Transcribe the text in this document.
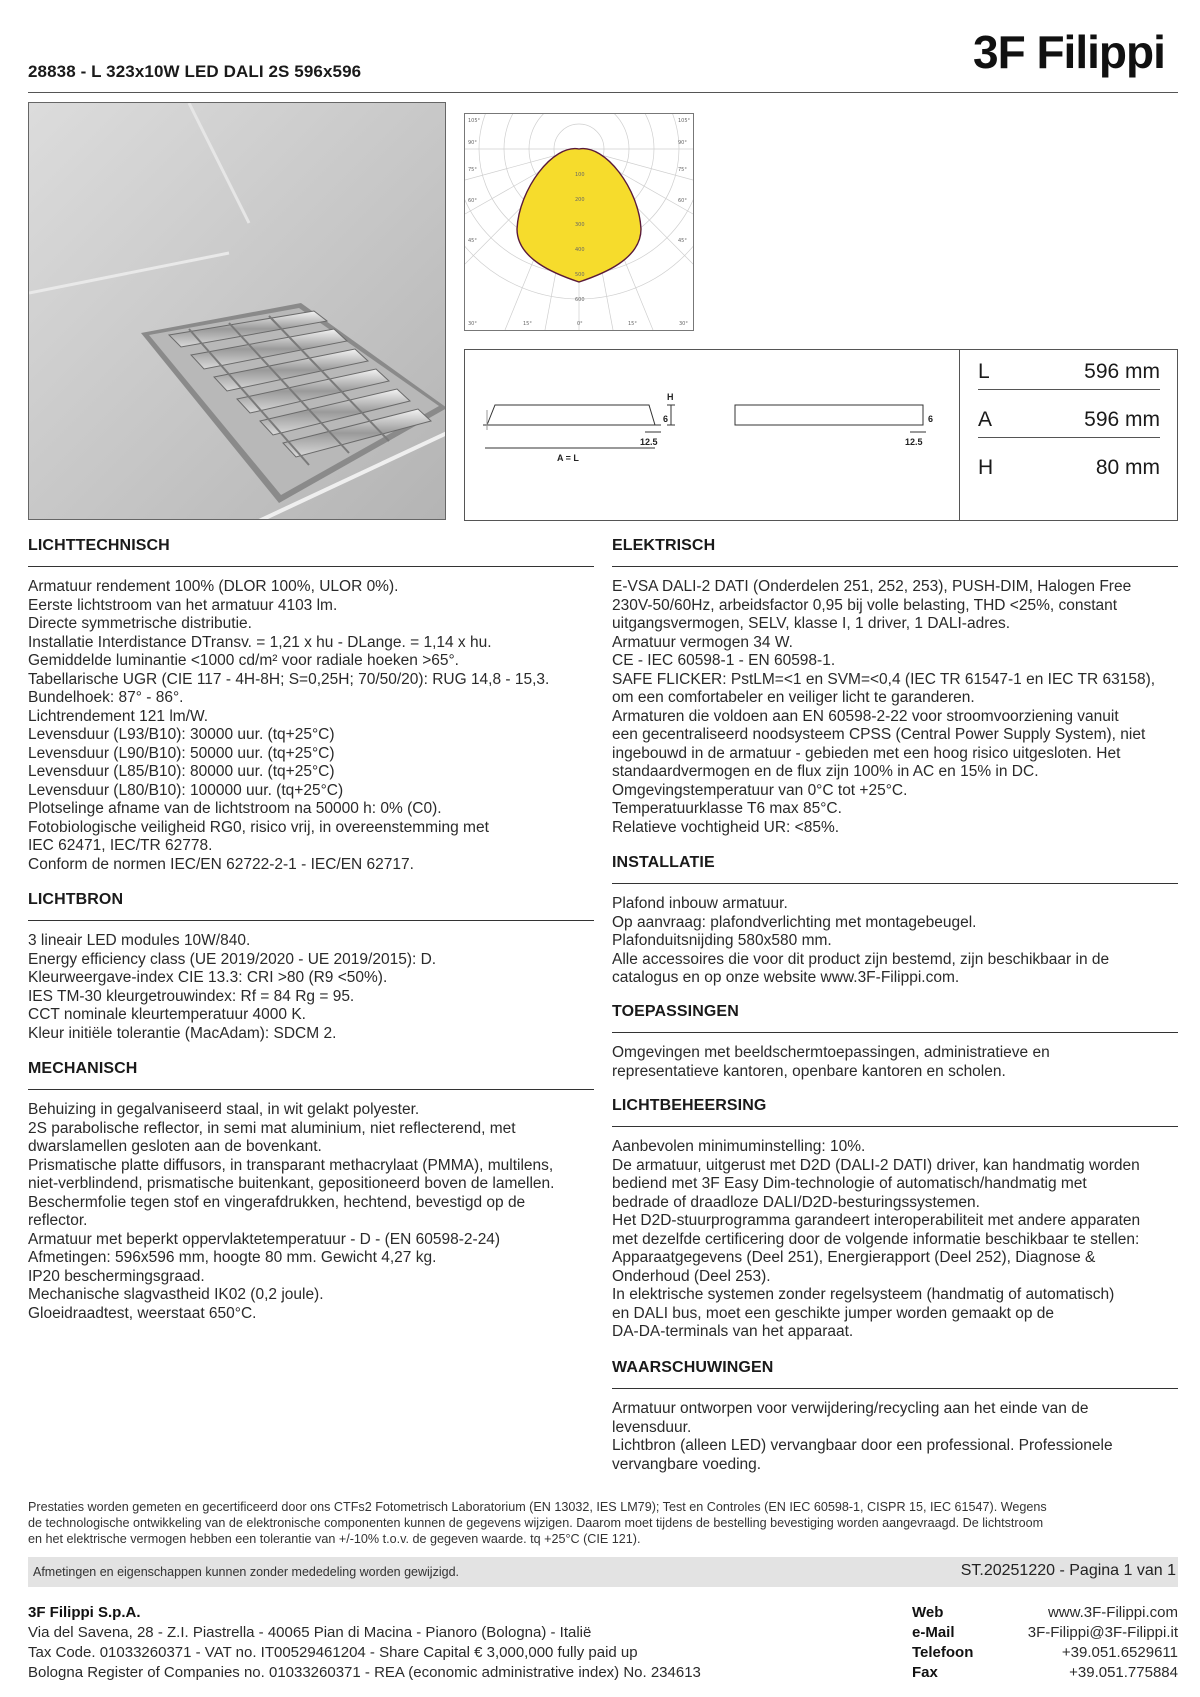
3F Filippi
28838 - L 323x10W LED DALI 2S 596x596
105°
90°
75°
60°
45°
105°
90°
75°
60°
45°
30°	15°	0°	15°	30°
100
200
300
400
500
600
H
6	6
12.5	12.5
A = L
L	596 mm
A	596 mm
H	80 mm
LICHTTECHNISCH
Armatuur rendement 100% (DLOR 100%, ULOR 0%).
Eerste lichtstroom van het armatuur 4103 lm.
Directe symmetrische distributie.
Installatie Interdistance DTransv. = 1,21 x hu - DLange. = 1,14 x hu.
Gemiddelde luminantie <1000 cd/m² voor radiale hoeken >65°.
Tabellarische UGR (CIE 117 - 4H-8H; S=0,25H; 70/50/20): RUG 14,8 - 15,3.
Bundelhoek: 87° - 86°.
Lichtrendement 121 lm/W.
Levensduur (L93/B10): 30000 uur. (tq+25°C)
Levensduur (L90/B10): 50000 uur. (tq+25°C)
Levensduur (L85/B10): 80000 uur. (tq+25°C)
Levensduur (L80/B10): 100000 uur. (tq+25°C)
Plotselinge afname van de lichtstroom na 50000 h: 0% (C0).
Fotobiologische veiligheid RG0, risico vrij, in overeenstemming met
IEC 62471, IEC/TR 62778.
Conform de normen IEC/EN 62722-2-1 - IEC/EN 62717.
LICHTBRON
3 lineair LED modules 10W/840.
Energy efficiency class (UE 2019/2020 - UE 2019/2015): D.
Kleurweergave-index CIE 13.3: CRI >80 (R9 <50%).
IES TM-30 kleurgetrouwindex: Rf = 84 Rg = 95.
CCT nominale kleurtemperatuur 4000 K.
Kleur initiële tolerantie (MacAdam): SDCM 2.
MECHANISCH
Behuizing in gegalvaniseerd staal, in wit gelakt polyester.
2S parabolische reflector, in semi mat aluminium, niet reflecterend, met
dwarslamellen gesloten aan de bovenkant.
Prismatische platte diffusors, in transparant methacrylaat (PMMA), multilens,
niet-verblindend, prismatische buitenkant, gepositioneerd boven de lamellen.
Beschermfolie tegen stof en vingerafdrukken, hechtend, bevestigd op de
reflector.
Armatuur met beperkt oppervlaktetemperatuur - D - (EN 60598-2-24)
Afmetingen: 596x596 mm, hoogte 80 mm. Gewicht 4,27 kg.
IP20 beschermingsgraad.
Mechanische slagvastheid IK02 (0,2 joule).
Gloeidraadtest, weerstaat 650°C.
ELEKTRISCH
E-VSA DALI-2 DATI (Onderdelen 251, 252, 253), PUSH-DIM, Halogen Free
230V-50/60Hz, arbeidsfactor 0,95 bij volle belasting, THD <25%, constant
uitgangsvermogen, SELV, klasse I, 1 driver, 1 DALI-adres.
Armatuur vermogen 34 W.
CE - IEC 60598-1 - EN 60598-1.
SAFE FLICKER: PstLM=<1 en SVM=<0,4 (IEC TR 61547-1 en IEC TR 63158),
om een comfortabeler en veiliger licht te garanderen.
Armaturen die voldoen aan EN 60598-2-22 voor stroomvoorziening vanuit
een gecentraliseerd noodsysteem CPSS (Central Power Supply System), niet
ingebouwd in de armatuur - gebieden met een hoog risico uitgesloten. Het
standaardvermogen en de flux zijn 100% in AC en 15% in DC.
Omgevingstemperatuur van 0°C tot +25°C.
Temperatuurklasse T6 max 85°C.
Relatieve vochtigheid UR: <85%.
INSTALLATIE
Plafond inbouw armatuur.
Op aanvraag: plafondverlichting met montagebeugel.
Plafonduitsnijding 580x580 mm.
Alle accessoires die voor dit product zijn bestemd, zijn beschikbaar in de
catalogus en op onze website www.3F-Filippi.com.
TOEPASSINGEN
Omgevingen met beeldschermtoepassingen, administratieve en
representatieve kantoren, openbare kantoren en scholen.
LICHTBEHEERSING
Aanbevolen minimuminstelling: 10%.
De armatuur, uitgerust met D2D (DALI-2 DATI) driver, kan handmatig worden
bediend met 3F Easy Dim-technologie of automatisch/handmatig met
bedrade of draadloze DALI/D2D-besturingssystemen.
Het D2D-stuurprogramma garandeert interoperabiliteit met andere apparaten
met dezelfde certificering door de volgende informatie beschikbaar te stellen:
Apparaatgegevens (Deel 251), Energierapport (Deel 252), Diagnose &
Onderhoud (Deel 253).
In elektrische systemen zonder regelsysteem (handmatig of automatisch)
en DALI bus, moet een geschikte jumper worden gemaakt op de
DA-DA-terminals van het apparaat.
WAARSCHUWINGEN
Armatuur ontworpen voor verwijdering/recycling aan het einde van de
levensduur.
Lichtbron (alleen LED) vervangbaar door een professional. Professionele
vervangbare voeding.
Prestaties worden gemeten en gecertificeerd door ons CTFs2 Fotometrisch Laboratorium (EN 13032, IES LM79); Test en Controles (EN IEC 60598-1, CISPR 15, IEC 61547). Wegens
de technologische ontwikkeling van de elektronische componenten kunnen de gegevens wijzigen. Daarom moet tijdens de bestelling bevestiging worden aangevraagd. De lichtstroom
en het elektrische vermogen hebben een tolerantie van +/-10% t.o.v. de gegeven waarde. tq +25°C (CIE 121).
Afmetingen en eigenschappen kunnen zonder mededeling worden gewijzigd.	ST.20251220 - Pagina 1 van 1
3F Filippi S.p.A.
Via del Savena, 28 - Z.I. Piastrella - 40065 Pian di Macina - Pianoro (Bologna) - Italië
Tax Code. 01033260371 - VAT no. IT00529461204 - Share Capital € 3,000,000 fully paid up
Bologna Register of Companies no. 01033260371 - REA (economic administrative index) No. 234613
Web	www.3F-Filippi.com
e-Mail	3F-Filippi@3F-Filippi.it
Telefoon	+39.051.6529611
Fax	+39.051.775884
